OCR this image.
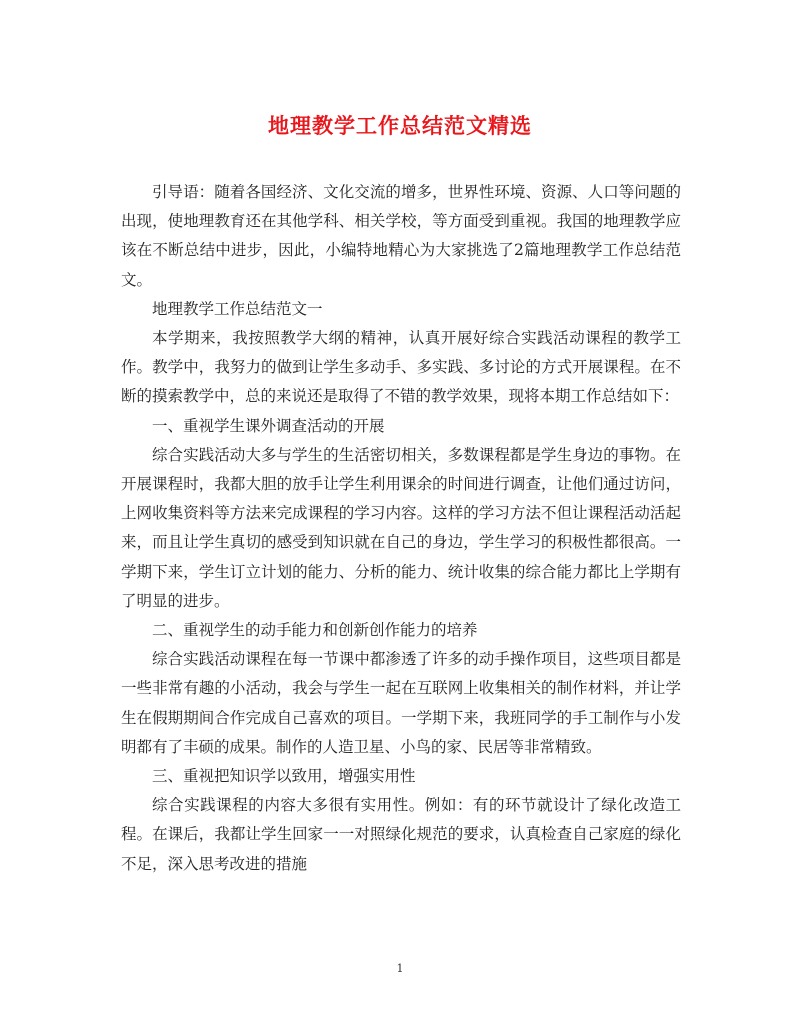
地理教学工作总结范文精选

引导语：随着各国经济、文化交流的增多，世界性环境、资源、人口等问题的出现，使地理教育还在其他学科、相关学校，等方面受到重视。我国的地理教学应该在不断总结中进步，因此，小编特地精心为大家挑选了2篇地理教学工作总结范文。

地理教学工作总结范文一

本学期来，我按照教学大纲的精神，认真开展好综合实践活动课程的教学工作。教学中，我努力的做到让学生多动手、多实践、多讨论的方式开展课程。在不断的摸索教学中，总的来说还是取得了不错的教学效果，现将本期工作总结如下：

一、重视学生课外调查活动的开展

综合实践活动大多与学生的生活密切相关，多数课程都是学生身边的事物。在开展课程时，我都大胆的放手让学生利用课余的时间进行调查，让他们通过访问，上网收集资料等方法来完成课程的学习内容。这样的学习方法不但让课程活动活起来，而且让学生真切的感受到知识就在自己的身边，学生学习的积极性都很高。一学期下来，学生订立计划的能力、分析的能力、统计收集的综合能力都比上学期有了明显的进步。

二、重视学生的动手能力和创新创作能力的培养

综合实践活动课程在每一节课中都渗透了许多的动手操作项目，这些项目都是一些非常有趣的小活动，我会与学生一起在互联网上收集相关的制作材料，并让学生在假期期间合作完成自己喜欢的项目。一学期下来，我班同学的手工制作与小发明都有了丰硕的成果。制作的人造卫星、小鸟的家、民居等非常精致。

三、重视把知识学以致用，增强实用性

综合实践课程的内容大多很有实用性。例如：有的环节就设计了绿化改造工程。在课后，我都让学生回家一一对照绿化规范的要求，认真检查自己家庭的绿化不足，深入思考改进的措施

1
